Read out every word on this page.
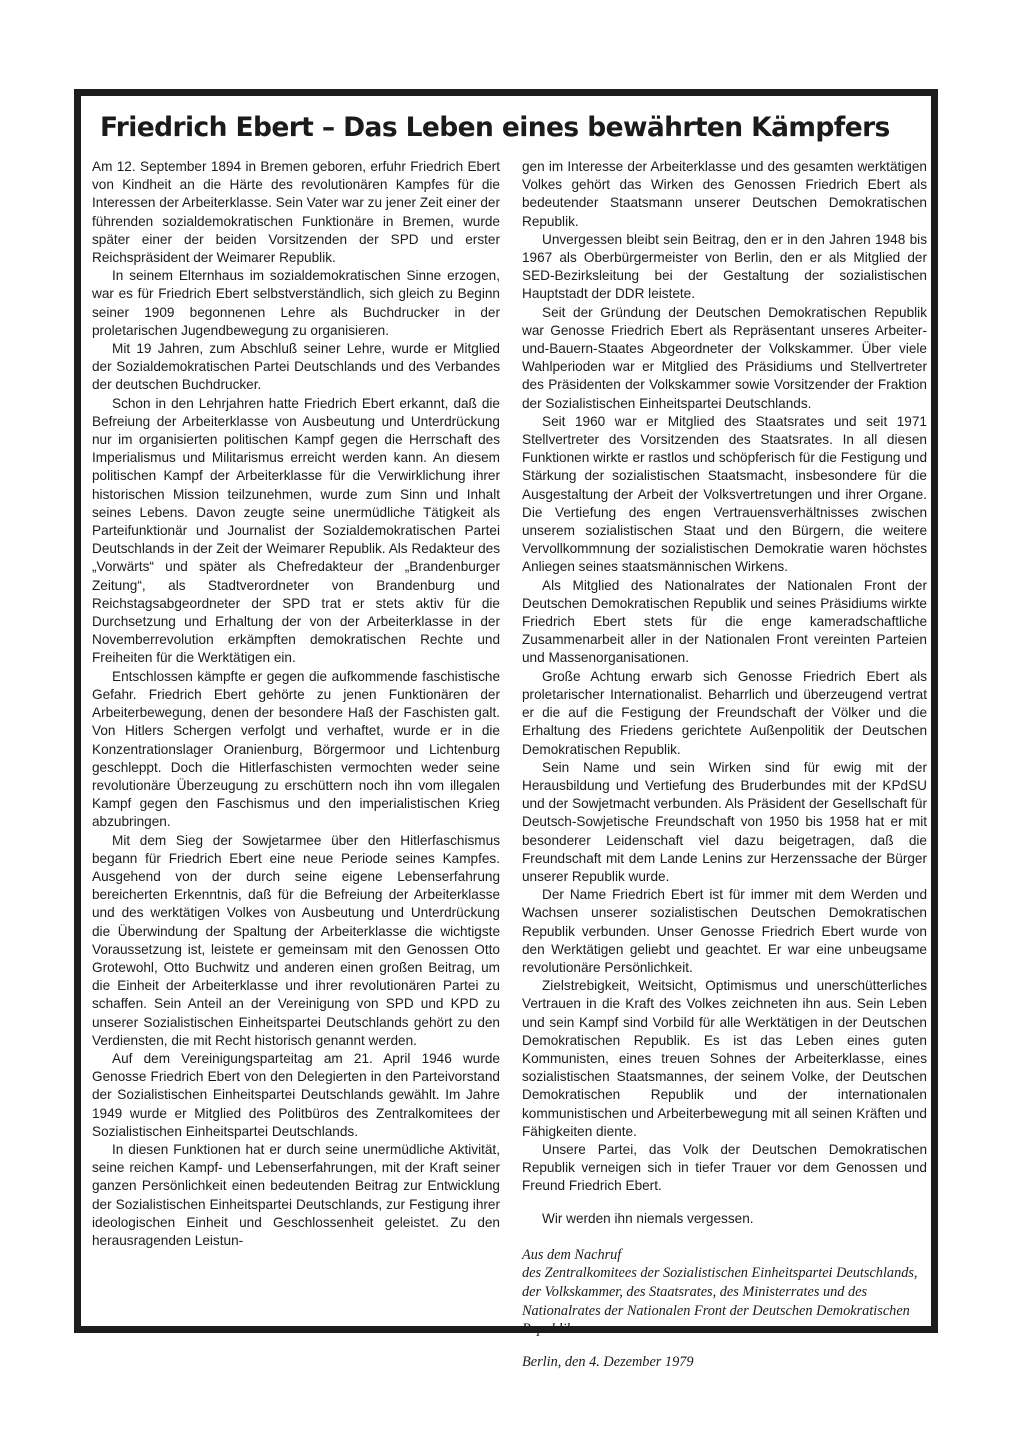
Friedrich Ebert – Das Leben eines bewährten Kämpfers

Am 12. September 1894 in Bremen geboren, erfuhr Friedrich Ebert von Kindheit an die Härte des revolutionären Kampfes für die Interessen der Arbeiterklasse. Sein Vater war zu jener Zeit einer der führenden sozialdemokratischen Funktionäre in Bremen, wurde später einer der beiden Vorsitzenden der SPD und erster Reichspräsident der Weimarer Republik.

In seinem Elternhaus im sozialdemokratischen Sinne erzogen, war es für Friedrich Ebert selbstverständlich, sich gleich zu Beginn seiner 1909 begonnenen Lehre als Buchdrucker in der proletarischen Jugendbewegung zu organisieren.

Mit 19 Jahren, zum Abschluß seiner Lehre, wurde er Mitglied der Sozialdemokratischen Partei Deutschlands und des Verbandes der deutschen Buchdrucker.

Schon in den Lehrjahren hatte Friedrich Ebert erkannt, daß die Befreiung der Arbeiterklasse von Ausbeutung und Unterdrückung nur im organisierten politischen Kampf gegen die Herrschaft des Imperialismus und Militarismus erreicht werden kann. An diesem politischen Kampf der Arbeiterklasse für die Verwirklichung ihrer historischen Mission teilzunehmen, wurde zum Sinn und Inhalt seines Lebens. Davon zeugte seine unermüdliche Tätigkeit als Parteifunktionär und Journalist der Sozialdemokratischen Partei Deutschlands in der Zeit der Weimarer Republik. Als Redakteur des „Vorwärts“ und später als Chefredakteur der „Brandenburger Zeitung“, als Stadtverordneter von Brandenburg und Reichstagsabgeordneter der SPD trat er stets aktiv für die Durchsetzung und Erhaltung der von der Arbeiterklasse in der Novemberrevolution erkämpften demokratischen Rechte und Freiheiten für die Werktätigen ein.

Entschlossen kämpfte er gegen die aufkommende faschistische Gefahr. Friedrich Ebert gehörte zu jenen Funktionären der Arbeiterbewegung, denen der besondere Haß der Faschisten galt. Von Hitlers Schergen verfolgt und verhaftet, wurde er in die Konzentrationslager Oranienburg, Börgermoor und Lichtenburg geschleppt. Doch die Hitlerfaschisten vermochten weder seine revolutionäre Überzeugung zu erschüttern noch ihn vom illegalen Kampf gegen den Faschismus und den imperialistischen Krieg abzubringen.

Mit dem Sieg der Sowjetarmee über den Hitlerfaschismus begann für Friedrich Ebert eine neue Periode seines Kampfes. Ausgehend von der durch seine eigene Lebenserfahrung bereicherten Erkenntnis, daß für die Befreiung der Arbeiterklasse und des werktätigen Volkes von Ausbeutung und Unterdrückung die Überwindung der Spaltung der Arbeiterklasse die wichtigste Voraussetzung ist, leistete er gemeinsam mit den Genossen Otto Grotewohl, Otto Buchwitz und anderen einen großen Beitrag, um die Einheit der Arbeiterklasse und ihrer revolutionären Partei zu schaffen. Sein Anteil an der Vereinigung von SPD und KPD zu unserer Sozialistischen Einheitspartei Deutschlands gehört zu den Verdiensten, die mit Recht historisch genannt werden.

Auf dem Vereinigungsparteitag am 21. April 1946 wurde Genosse Friedrich Ebert von den Delegierten in den Parteivorstand der Sozialistischen Einheitspartei Deutschlands gewählt. Im Jahre 1949 wurde er Mitglied des Politbüros des Zentralkomitees der Sozialistischen Einheitspartei Deutschlands.

In diesen Funktionen hat er durch seine unermüdliche Aktivität, seine reichen Kampf- und Lebenserfahrungen, mit der Kraft seiner ganzen Persönlichkeit einen bedeutenden Beitrag zur Entwicklung der Sozialistischen Einheitspartei Deutschlands, zur Festigung ihrer ideologischen Einheit und Geschlossenheit geleistet. Zu den herausragenden Leistun-

gen im Interesse der Arbeiterklasse und des gesamten werktätigen Volkes gehört das Wirken des Genossen Friedrich Ebert als bedeutender Staatsmann unserer Deutschen Demokratischen Republik.

Unvergessen bleibt sein Beitrag, den er in den Jahren 1948 bis 1967 als Oberbürgermeister von Berlin, den er als Mitglied der SED-Bezirksleitung bei der Gestaltung der sozialistischen Hauptstadt der DDR leistete.

Seit der Gründung der Deutschen Demokratischen Republik war Genosse Friedrich Ebert als Repräsentant unseres Arbeiter-und-Bauern-Staates Abgeordneter der Volkskammer. Über viele Wahlperioden war er Mitglied des Präsidiums und Stellvertreter des Präsidenten der Volkskammer sowie Vorsitzender der Fraktion der Sozialistischen Einheitspartei Deutschlands.

Seit 1960 war er Mitglied des Staatsrates und seit 1971 Stellvertreter des Vorsitzenden des Staatsrates. In all diesen Funktionen wirkte er rastlos und schöpferisch für die Festigung und Stärkung der sozialistischen Staatsmacht, insbesondere für die Ausgestaltung der Arbeit der Volksvertretungen und ihrer Organe. Die Vertiefung des engen Vertrauensverhältnisses zwischen unserem sozialistischen Staat und den Bürgern, die weitere Vervollkommnung der sozialistischen Demokratie waren höchstes Anliegen seines staatsmännischen Wirkens.

Als Mitglied des Nationalrates der Nationalen Front der Deutschen Demokratischen Republik und seines Präsidiums wirkte Friedrich Ebert stets für die enge kameradschaftliche Zusammenarbeit aller in der Nationalen Front vereinten Parteien und Massenorganisationen.

Große Achtung erwarb sich Genosse Friedrich Ebert als proletarischer Internationalist. Beharrlich und überzeugend vertrat er die auf die Festigung der Freundschaft der Völker und die Erhaltung des Friedens gerichtete Außenpolitik der Deutschen Demokratischen Republik.

Sein Name und sein Wirken sind für ewig mit der Herausbildung und Vertiefung des Bruderbundes mit der KPdSU und der Sowjetmacht verbunden. Als Präsident der Gesellschaft für Deutsch-Sowjetische Freundschaft von 1950 bis 1958 hat er mit besonderer Leidenschaft viel dazu beigetragen, daß die Freundschaft mit dem Lande Lenins zur Herzenssache der Bürger unserer Republik wurde.

Der Name Friedrich Ebert ist für immer mit dem Werden und Wachsen unserer sozialistischen Deutschen Demokratischen Republik verbunden. Unser Genosse Friedrich Ebert wurde von den Werktätigen geliebt und geachtet. Er war eine unbeugsame revolutionäre Persönlichkeit.

Zielstrebigkeit, Weitsicht, Optimismus und unerschütterliches Vertrauen in die Kraft des Volkes zeichneten ihn aus. Sein Leben und sein Kampf sind Vorbild für alle Werktätigen in der Deutschen Demokratischen Republik. Es ist das Leben eines guten Kommunisten, eines treuen Sohnes der Arbeiterklasse, eines sozialistischen Staatsmannes, der seinem Volke, der Deutschen Demokratischen Republik und der internationalen kommunistischen und Arbeiterbewegung mit all seinen Kräften und Fähigkeiten diente.

Unsere Partei, das Volk der Deutschen Demokratischen Republik verneigen sich in tiefer Trauer vor dem Genossen und Freund Friedrich Ebert.

Wir werden ihn niemals vergessen.

Aus dem Nachruf

des Zentralkomitees der Sozialistischen Einheitspartei Deutschlands, der Volkskammer, des Staatsrates, des Ministerrates und des Nationalrates der Nationalen Front der Deutschen Demokratischen Republik

Berlin, den 4. Dezember 1979
